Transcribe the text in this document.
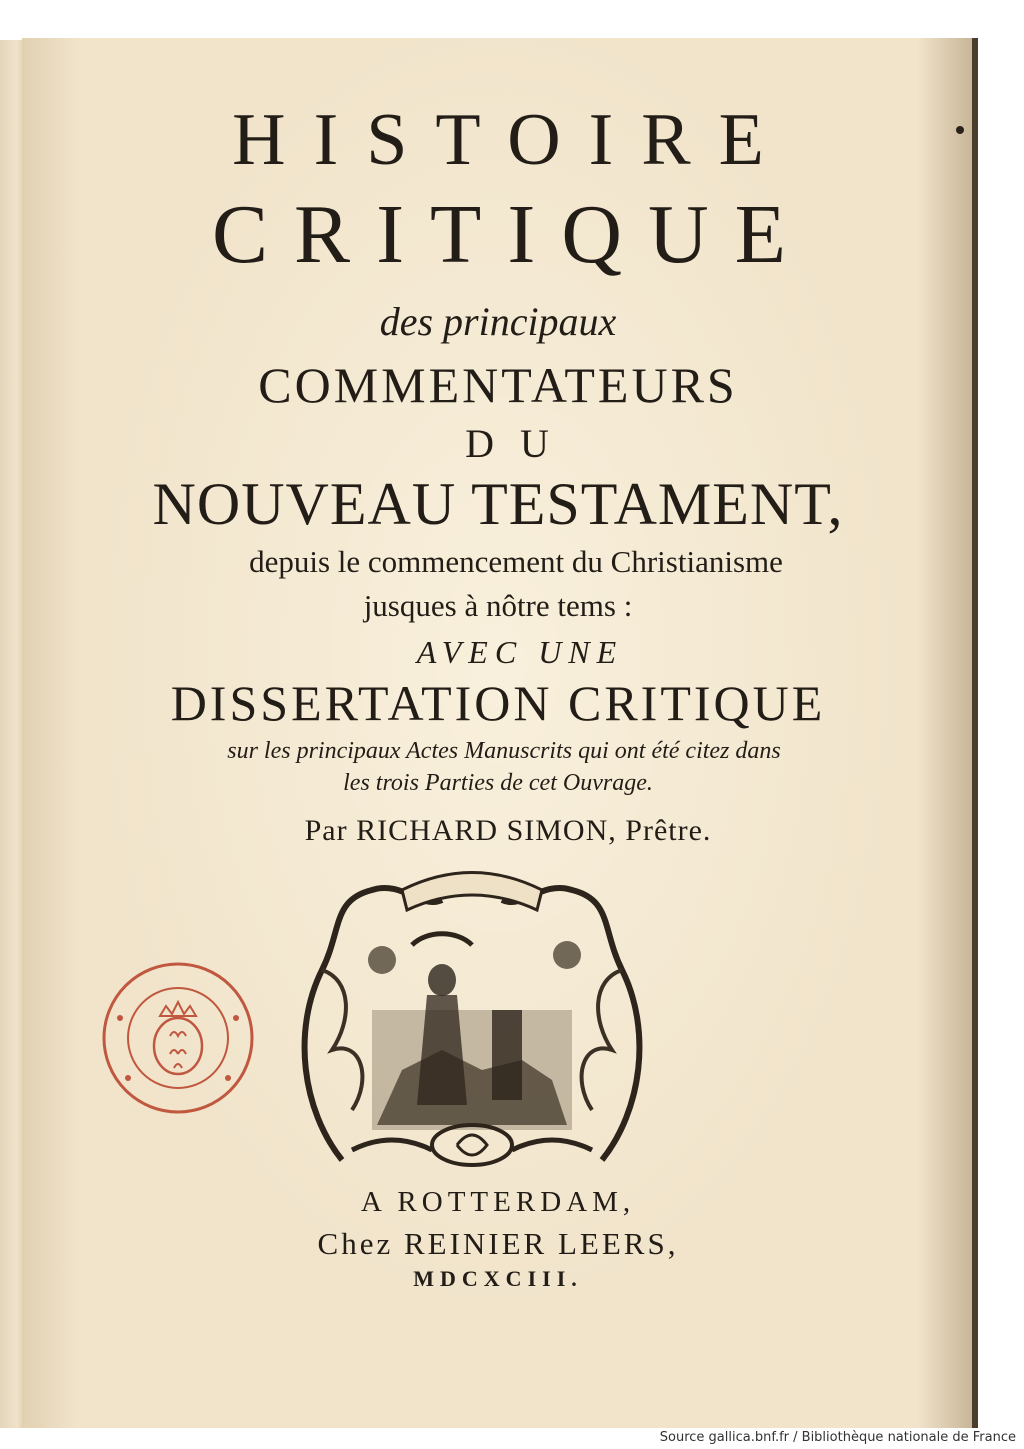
HISTOIRE
CRITIQUE
des principaux
COMMENTATEURS
DU
NOUVEAU TESTAMENT,
depuis le commencement du Christianisme
jusques à nôtre tems :
AVEC UNE
DISSERTATION CRITIQUE
sur les principaux Actes Manuscrits qui ont été citez dans
les trois Parties de cet Ouvrage.
Par RICHARD SIMON, Prêtre.
A ROTTERDAM,
Chez REINIER LEERS,
MDCXCIII.
Source gallica.bnf.fr / Bibliothèque nationale de France
